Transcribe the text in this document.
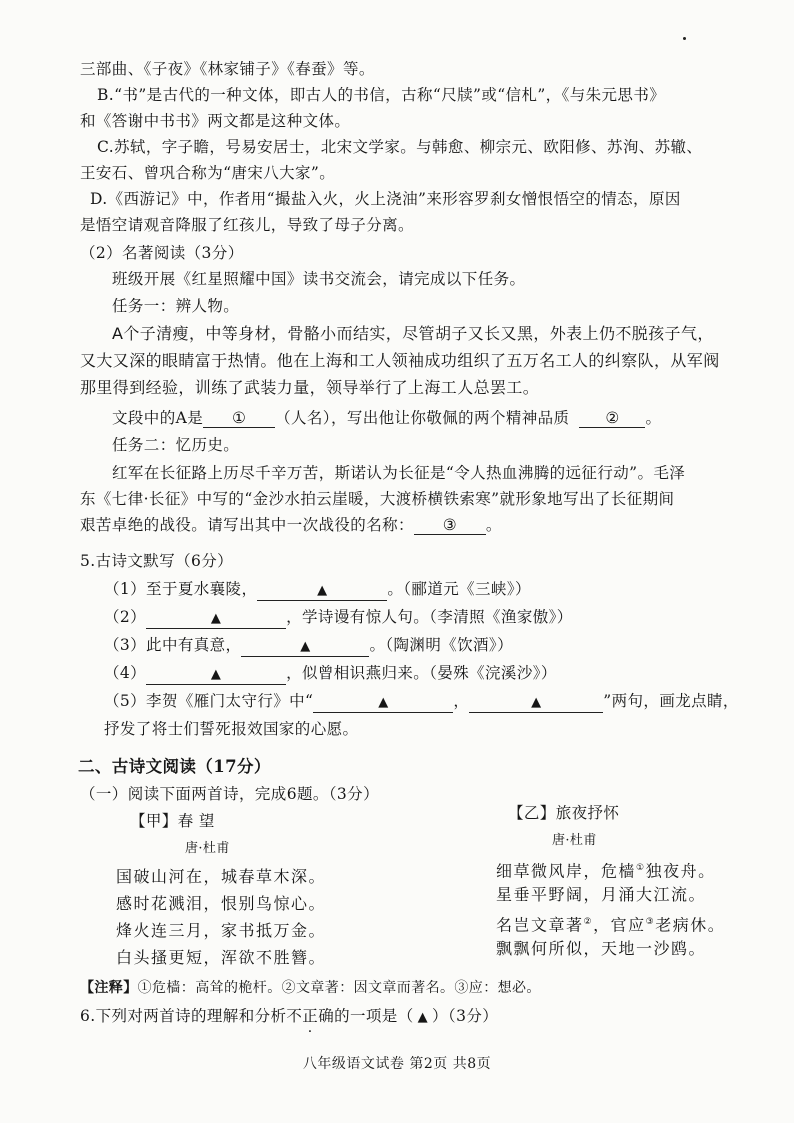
三部曲、《子夜》《林家铺子》《春蚕》等。
B.“书”是古代的一种文体，即古人的书信，古称“尺牍”或“信札”，《与朱元思书》
和《答谢中书书》两文都是这种文体。
C.苏轼，字子瞻，号易安居士，北宋文学家。与韩愈、柳宗元、欧阳修、苏洵、苏辙、
王安石、曾巩合称为“唐宋八大家”。
D.《西游记》中，作者用“撮盐入火，火上浇油”来形容罗刹女憎恨悟空的情态，原因
是悟空请观音降服了红孩儿，导致了母子分离。
（2）名著阅读（3分）
班级开展《红星照耀中国》读书交流会，请完成以下任务。
任务一：辨人物。
A个子清瘦，中等身材，骨骼小而结实，尽管胡子又长又黑，外表上仍不脱孩子气，
又大又深的眼睛富于热情。他在上海和工人领袖成功组织了五万名工人的纠察队，从军阀
那里得到经验，训练了武装力量，领导举行了上海工人总罢工。
文段中的A是 ① （人名），写出他让你敬佩的两个精神品质 ② 。
任务二：忆历史。
红军在长征路上历尽千辛万苦，斯诺认为长征是“令人热血沸腾的远征行动”。毛泽
东《七律·长征》中写的“金沙水拍云崖暖，大渡桥横铁索寒”就形象地写出了长征期间
艰苦卓绝的战役。请写出其中一次战役的名称： ③ 。
5.古诗文默写（6分）
（1）至于夏水襄陵，	▲	。（郦道元《三峡》）
（2）	▲	，学诗谩有惊人句。（李清照《渔家傲》）
（3）此中有真意，	▲	。（陶渊明《饮酒》）
（4）	▲	，似曾相识燕归来。（晏殊《浣溪沙》）
（5）李贺《雁门太守行》中“	▲	，	▲	”两句，画龙点睛，
抒发了将士们誓死报效国家的心愿。
二、古诗文阅读（17分）
（一）阅读下面两首诗，完成6题。（3分）
【甲】春 望
唐·杜甫
国破山河在，城春草木深。
感时花溅泪，恨别鸟惊心。
烽火连三月，家书抵万金。
白头搔更短，浑欲不胜簪。
【乙】旅夜抒怀
唐·杜甫
细草微风岸，危樯①独夜舟。
星垂平野阔，月涌大江流。
名岂文章著②，官应③老病休。
飘飘何所似，天地一沙鸥。
【注释】①危樯：高耸的桅杆。②文章著：因文章而著名。③应：想必。
6.下列对两首诗的理解和分析不正确的一项是（ ▲ ）（3分）
八年级语文试卷 第2页 共8页
